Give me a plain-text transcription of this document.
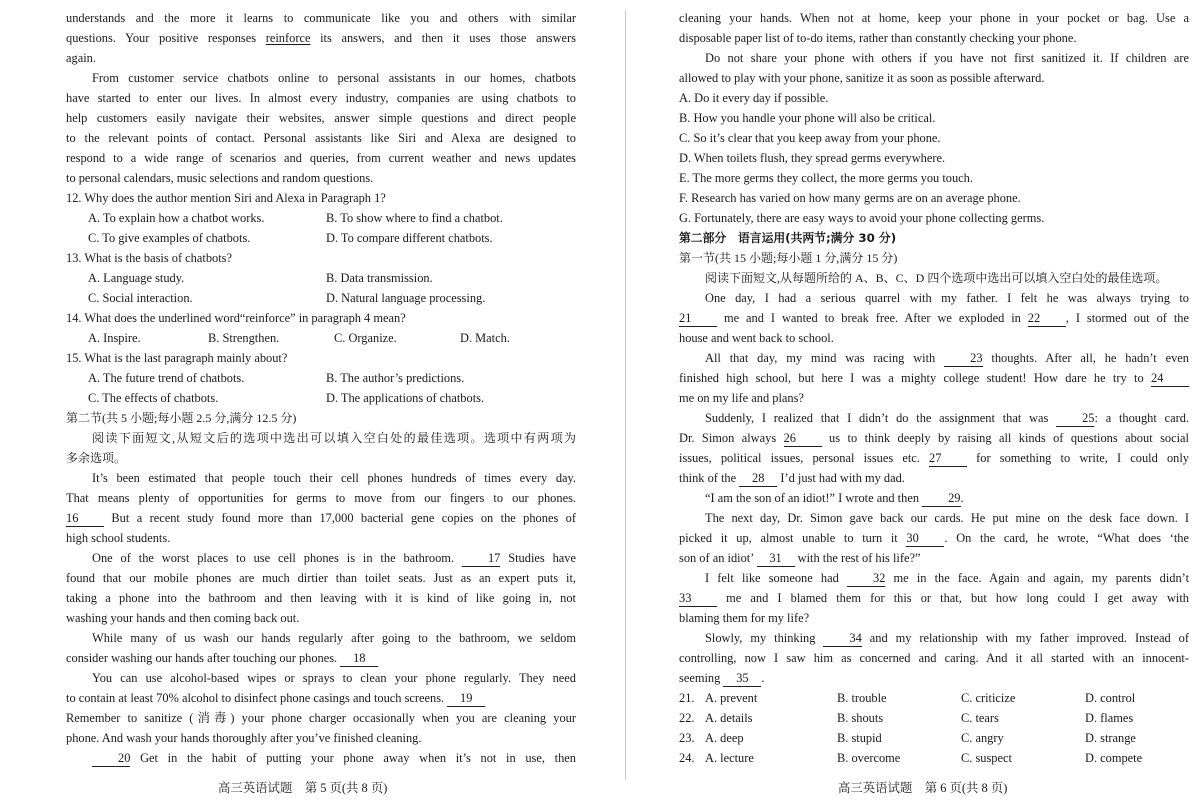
understands and the more it learns to communicate like you and others with similar
questions. Your positive responses reinforce its answers, and then it uses those answers
again.
From customer service chatbots online to personal assistants in our homes, chatbots
have started to enter our lives. In almost every industry, companies are using chatbots to
help customers easily navigate their websites, answer simple questions and direct people
to the relevant points of contact. Personal assistants like Siri and Alexa are designed to
respond to a wide range of scenarios and queries, from current weather and news updates
to personal calendars, music selections and random questions.
12. Why does the author mention Siri and Alexa in Paragraph 1?
A. To explain how a chatbot works.	B. To show where to find a chatbot.
C. To give examples of chatbots.	D. To compare different chatbots.
13. What is the basis of chatbots?
A. Language study.	B. Data transmission.
C. Social interaction.	D. Natural language processing.
14. What does the underlined word“reinforce” in paragraph 4 mean?
A. Inspire.	B. Strengthen.	C. Organize.	D. Match.
15. What is the last paragraph mainly about?
A. The future trend of chatbots.	B. The author’s predictions.
C. The effects of chatbots.	D. The applications of chatbots.
第二节(共 5 小题;每小题 2.5 分,满分 12.5 分)
阅读下面短文,从短文后的选项中选出可以填入空白处的最佳选项。选项中有两项为
多余选项。
It’s been estimated that people touch their cell phones hundreds of times every day.
That means plenty of opportunities for germs to move from our fingers to our phones.
16 But a recent study found more than 17,000 bacterial gene copies on the phones of
high school students.
One of the worst places to use cell phones is in the bathroom. 17 Studies have
found that our mobile phones are much dirtier than toilet seats. Just as an expert puts it,
taking a phone into the bathroom and then leaving with it is kind of like going in, not
washing your hands and then coming back out.
While many of us wash our hands regularly after going to the bathroom, we seldom
consider washing our hands after touching our phones. 18
You can use alcohol-based wipes or sprays to clean your phone regularly. They need
to contain at least 70% alcohol to disinfect phone casings and touch screens. 19
Remember to sanitize (消毒) your phone charger occasionally when you are cleaning your
phone. And wash your hands thoroughly after you’ve finished cleaning.
20 Get in the habit of putting your phone away when it’s not in use, then
cleaning your hands. When not at home, keep your phone in your pocket or bag. Use a
disposable paper list of to-do items, rather than constantly checking your phone.
Do not share your phone with others if you have not first sanitized it. If children are
allowed to play with your phone, sanitize it as soon as possible afterward.
A. Do it every day if possible.
B. How you handle your phone will also be critical.
C. So it’s clear that you keep away from your phone.
D. When toilets flush, they spread germs everywhere.
E. The more germs they collect, the more germs you touch.
F. Research has varied on how many germs are on an average phone.
G. Fortunately, there are easy ways to avoid your phone collecting germs.
第二部分　语言运用(共两节;满分 30 分)
第一节(共 15 小题;每小题 1 分,满分 15 分)
阅读下面短文,从每题所给的 A、B、C、D 四个选项中选出可以填入空白处的最佳选项。
One day, I had a serious quarrel with my father. I felt he was always trying to
21 me and I wanted to break free. After we exploded in 22 , I stormed out of the
house and went back to school.
All that day, my mind was racing with 23 thoughts. After all, he hadn’t even
finished high school, but here I was a mighty college student! How dare he try to 24
me on my life and plans?
Suddenly, I realized that I didn’t do the assignment that was 25: a thought card.
Dr. Simon always 26 us to think deeply by raising all kinds of questions about social
issues, political issues, personal issues etc. 27 for something to write, I could only
think of the 28 I’d just had with my dad.
“I am the son of an idiot!” I wrote and then 29.
The next day, Dr. Simon gave back our cards. He put mine on the desk face down. I
picked it up, almost unable to turn it 30 . On the card, he wrote, “What does ‘the
son of an idiot’ 31 with the rest of his life?”
I felt like someone had 32 me in the face. Again and again, my parents didn’t
33 me and I blamed them for this or that, but how long could I get away with
blaming them for my life?
Slowly, my thinking 34 and my relationship with my father improved. Instead of
controlling, now I saw him as concerned and caring. And it all started with an innocent-
seeming 35 .
21. A. prevent	B. trouble	C. criticize	D. control
22. A. details	B. shouts	C. tears	D. flames
23. A. deep	B. stupid	C. angry	D. strange
24. A. lecture	B. overcome	C. suspect	D. compete
高三英语试题　第 5 页(共 8 页)	高三英语试题　第 6 页(共 8 页)
